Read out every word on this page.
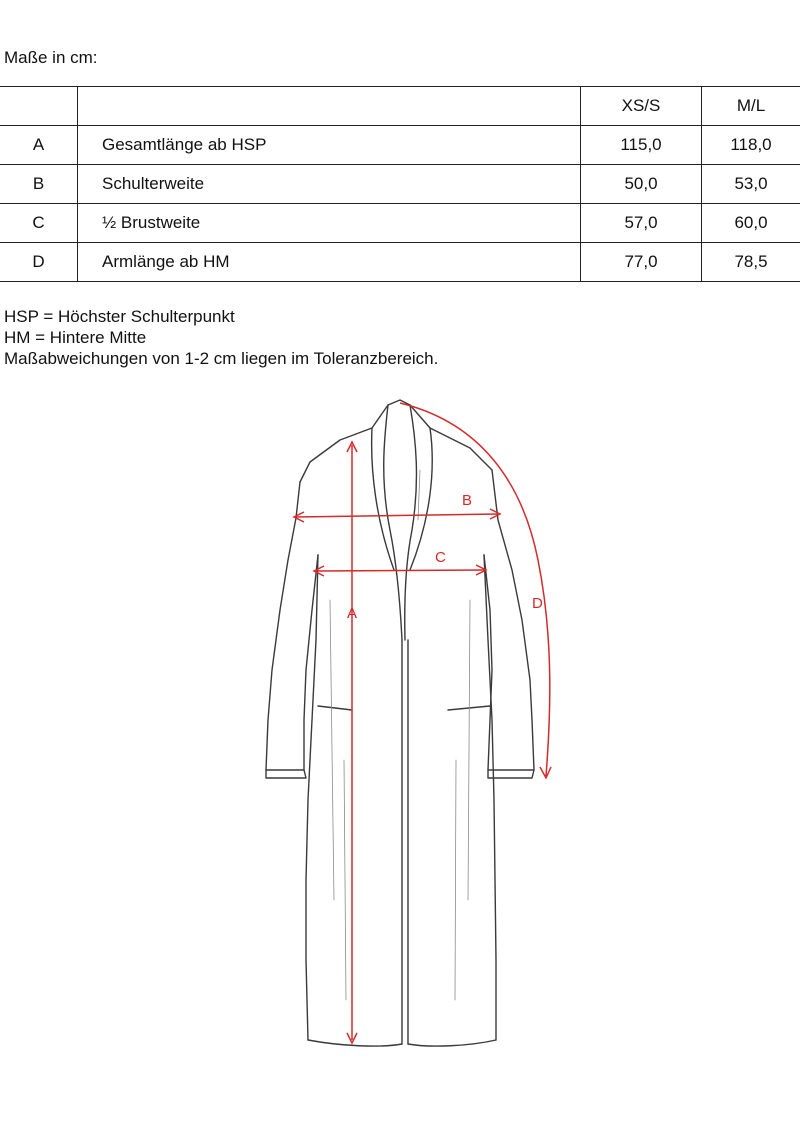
Maße in cm:
		XS/S	M/L
A	Gesamtlänge ab HSP	115,0	118,0
B	Schulterweite	50,0	53,0
C	½ Brustweite	57,0	60,0
D	Armlänge ab HM	77,0	78,5
HSP = Höchster Schulterpunkt
HM = Hintere Mitte
Maßabweichungen von 1-2 cm liegen im Toleranzbereich.
A
B
C
D
